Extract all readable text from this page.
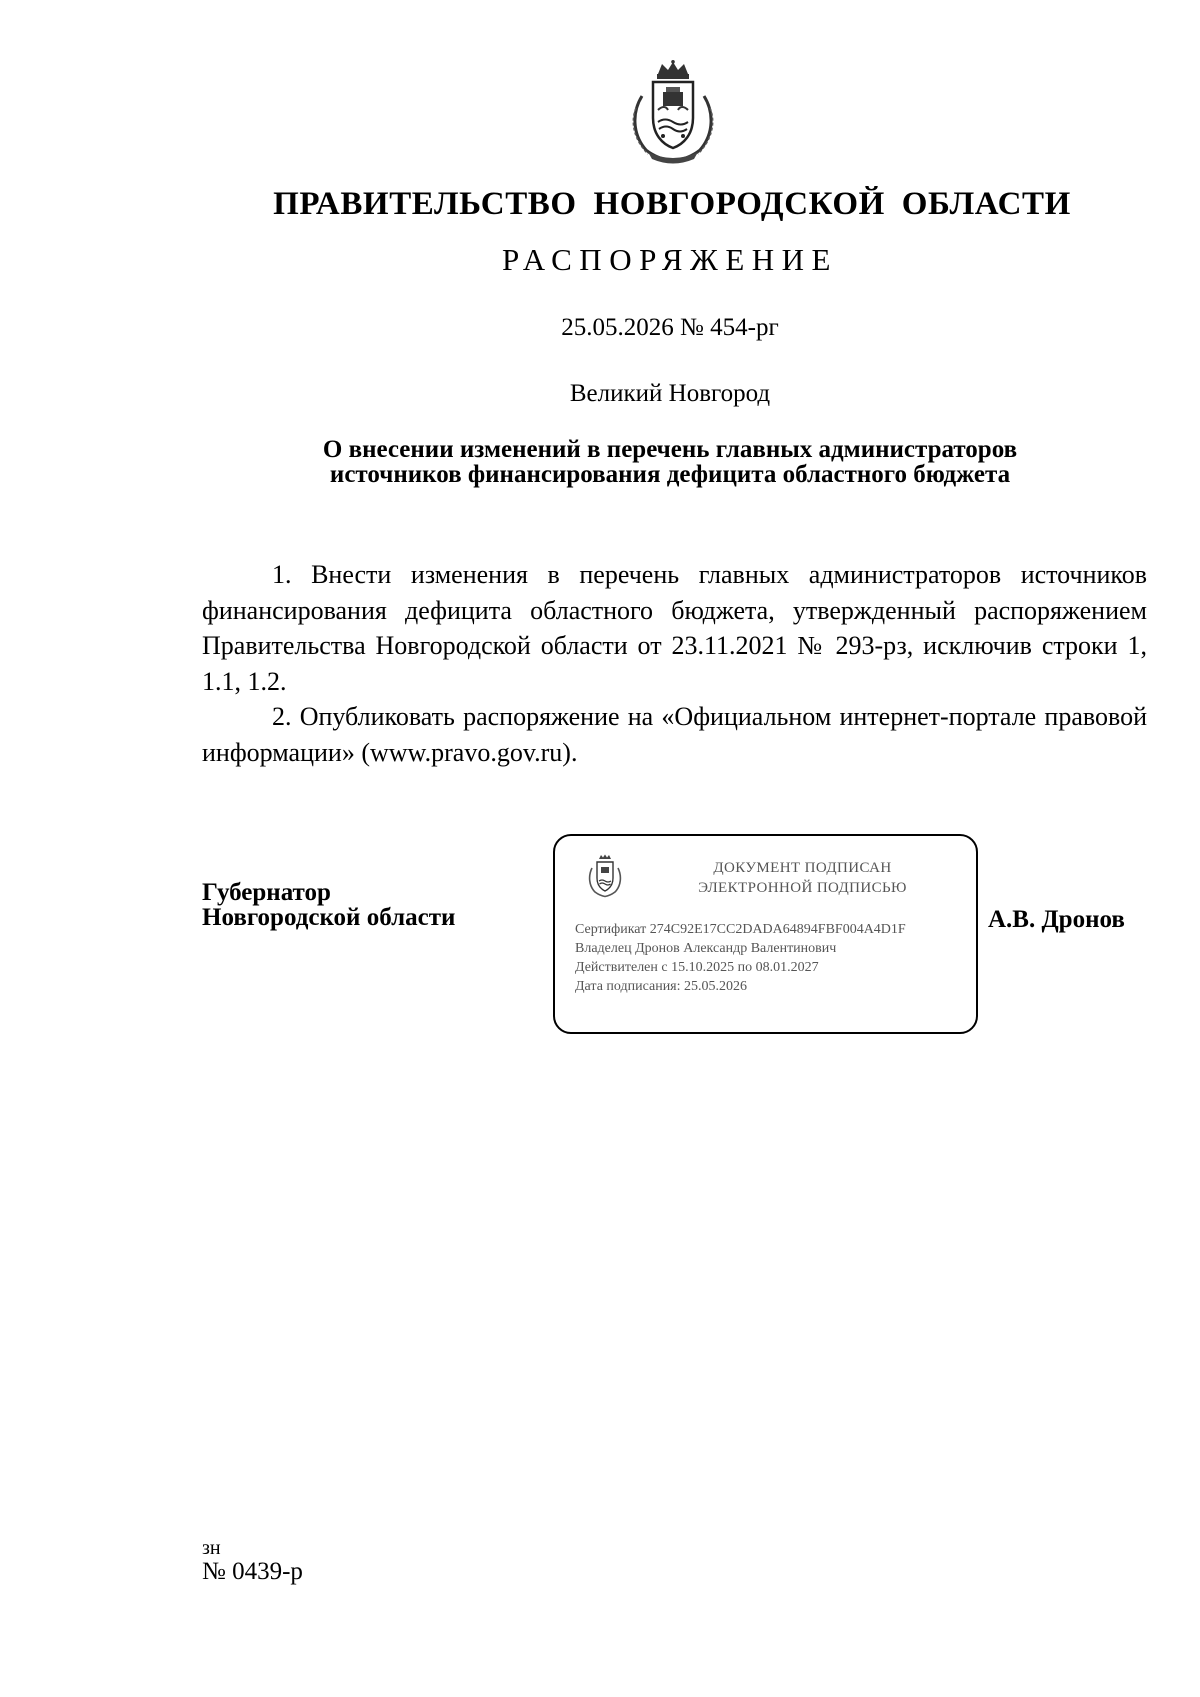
ПРАВИТЕЛЬСТВО НОВГОРОДСКОЙ ОБЛАСТИ
РАСПОРЯЖЕНИЕ
25.05.2026 № 454-рг
Великий Новгород
О внесении изменений в перечень главных администраторов
источников финансирования дефицита областного бюджета

1. Внести изменения в перечень главных администраторов источников финансирования дефицита областного бюджета, утвержденный распоряжением Правительства Новгородской области от 23.11.2021 № 293-рз, исключив строки 1, 1.1, 1.2.

2. Опубликовать распоряжение на «Официальном интернет-портале правовой информации» (www.pravo.gov.ru).

Губернатор
Новгородской области
ДОКУМЕНТ ПОДПИСАН
ЭЛЕКТРОННОЙ ПОДПИСЬЮ
Сертификат 274C92E17CC2DADA64894FBF004A4D1F
Владелец Дронов Александр Валентинович
Действителен с 15.10.2025 по 08.01.2027
Дата подписания: 25.05.2026
А.В. Дронов
зн
№ 0439-р
